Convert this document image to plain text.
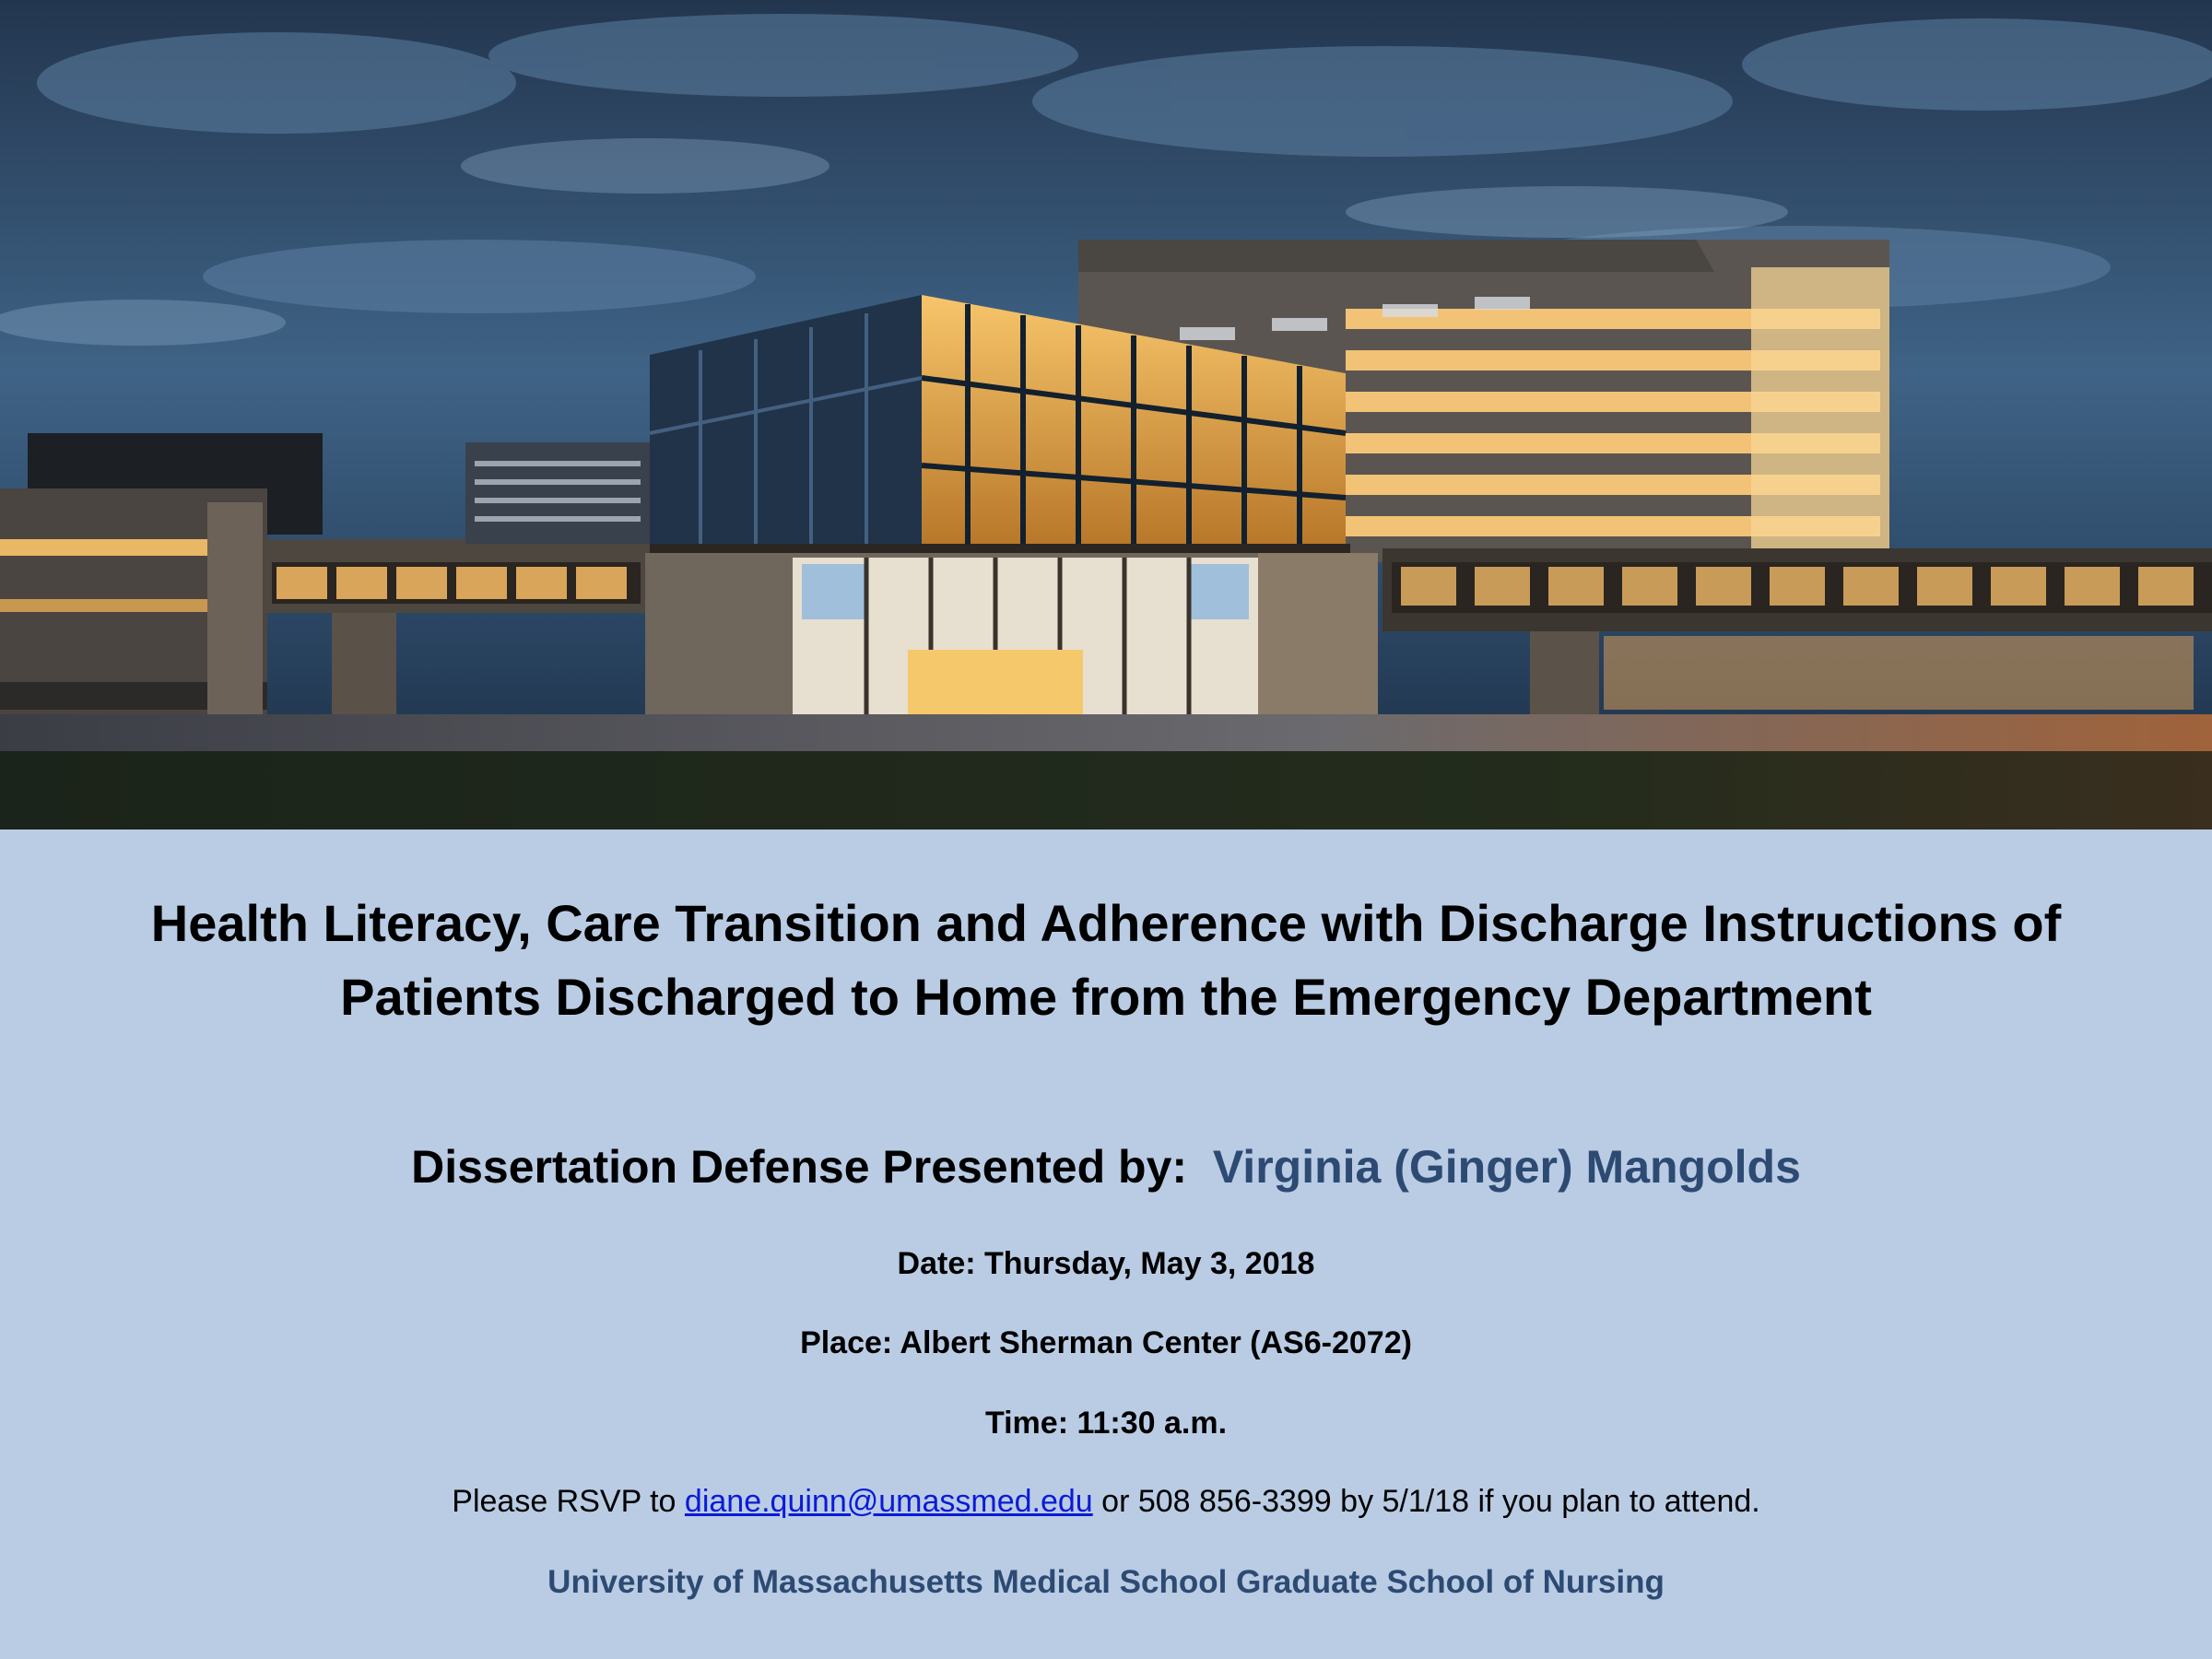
Health Literacy, Care Transition and Adherence with Discharge Instructions of
Patients Discharged to Home from the Emergency Department
Dissertation Defense Presented by: Virginia (Ginger) Mangolds
Date: Thursday, May 3, 2018
Place: Albert Sherman Center (AS6-2072)
Time: 11:30 a.m.
Please RSVP to diane.quinn@umassmed.edu or 508 856-3399 by 5/1/18 if you plan to attend.
University of Massachusetts Medical School Graduate School of Nursing
